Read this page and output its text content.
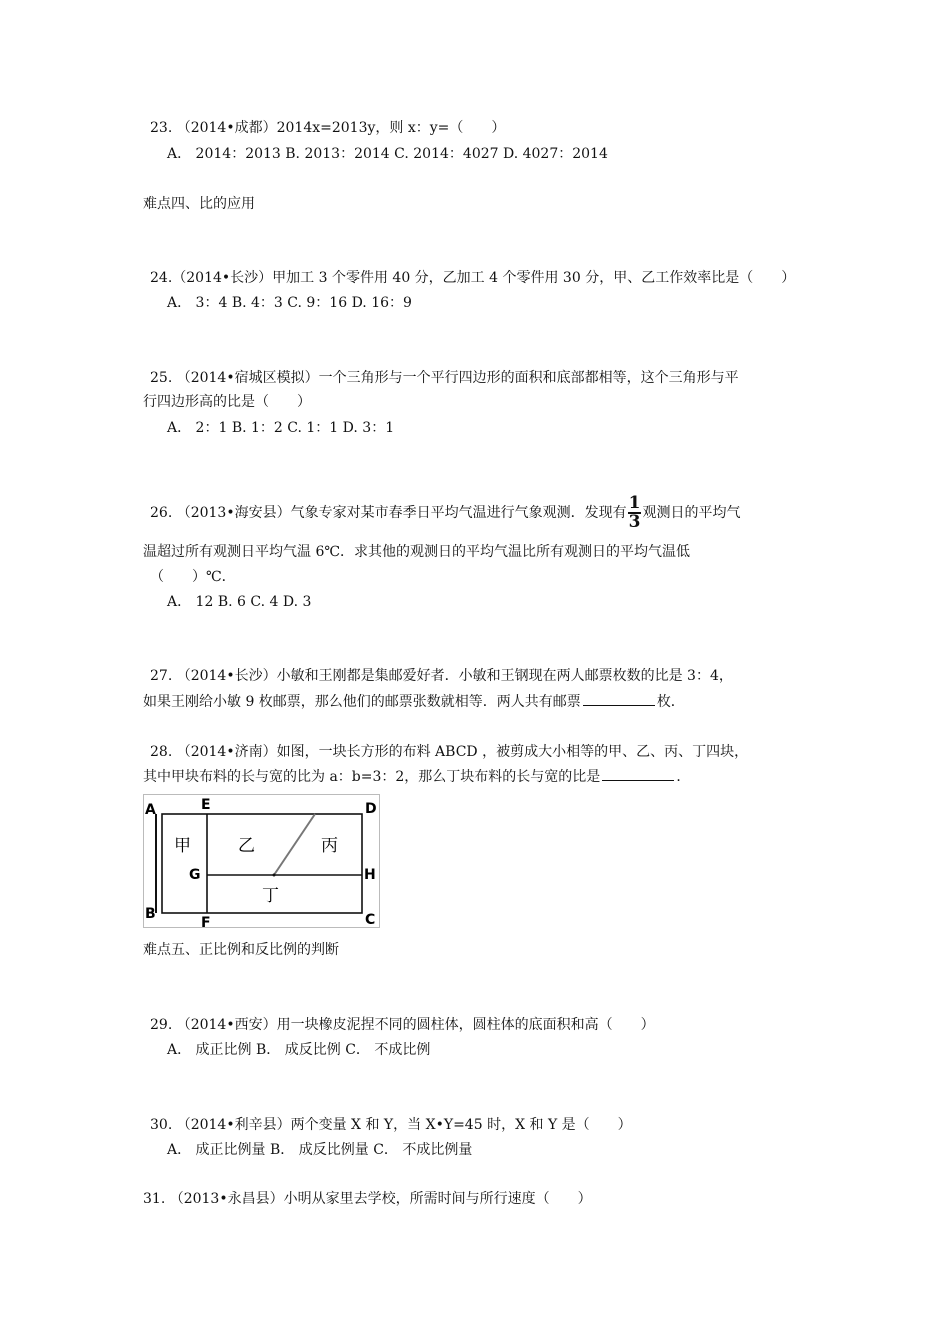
23. （2014•成都）2014x=2013y，则 x：y=（　　）
A． 2014：2013 B. 2013：2014 C. 2014：4027 D. 4027：2014
难点四、比的应用
24.（2014•长沙）甲加工 3 个零件用 40 分，乙加工 4 个零件用 30 分，甲、乙工作效率比是（　　）
A． 3：4 B. 4：3 C. 9：16 D. 16：9
25. （2014•宿城区模拟）一个三角形与一个平行四边形的面积和底部都相等，这个三角形与平
行四边形高的比是（　　）
A． 2：1 B. 1：2 C. 1：1 D. 3：1
26. （2013•海安县）气象专家对某市春季日平均气温进行气象观测．发现有 $\frac{1}{3}$ 观测日的平均气
温超过所有观测日平均气温 6℃．求其他的观测日的平均气温比所有观测日的平均气温低
（　　）℃．
A． 12 B. 6 C. 4 D. 3
27. （2014•长沙）小敏和王刚都是集邮爱好者．小敏和王钢现在两人邮票枚数的比是 3：4，
如果王刚给小敏 9 枚邮票，那么他们的邮票张数就相等．两人共有邮票	枚．
28. （2014•济南）如图，一块长方形的布料 ABCD ，被剪成大小相等的甲、乙、丙、丁四块，
其中甲块布料的长与宽的比为 a：b=3：2，那么丁块布料的长与宽的比是	．
A
B	C
D
E
F
G	H
甲	乙	丙
丁
难点五、正比例和反比例的判断
29. （2014•西安）用一块橡皮泥捏不同的圆柱体，圆柱体的底面积和高（　　）
A． 成正比例 B． 成反比例 C． 不成比例
30. （2014•利辛县）两个变量 X 和 Y，当 X•Y=45 时，X 和 Y 是（　　）
A． 成正比例量 B． 成反比例量 C． 不成比例量
31. （2013•永昌县）小明从家里去学校，所需时间与所行速度（　　）
